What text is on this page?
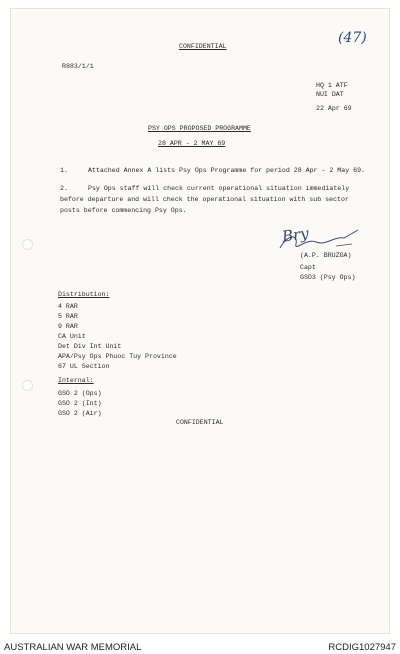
CONFIDENTIAL
(47)
R883/1/1
HQ 1 ATF
NUI DAT
22 Apr 69
PSY OPS PROPOSED PROGRAMME
28 APR - 2 MAY 69
1.	Attached Annex A lists Psy Ops Programme for period 28 Apr - 2 May 69.
2.	Psy Ops staff will check current operational situation immediately
before departure and will check the operational situation with sub sector
posts before commencing Psy Ops.
Bry
(A.P. BRUZGA)
Capt
GSO3 (Psy Ops)
Distribution:
4 RAR
5 RAR
9 RAR
CA Unit
Det Div Int Unit
APA/Psy Ops Phuoc Tuy Province
67 UL Section
Internal:
GSO 2 (Ops)
GSO 2 (Int)
GSO 2 (Air)
CONFIDENTIAL
AUSTRALIAN WAR MEMORIAL	RCDIG1027947
